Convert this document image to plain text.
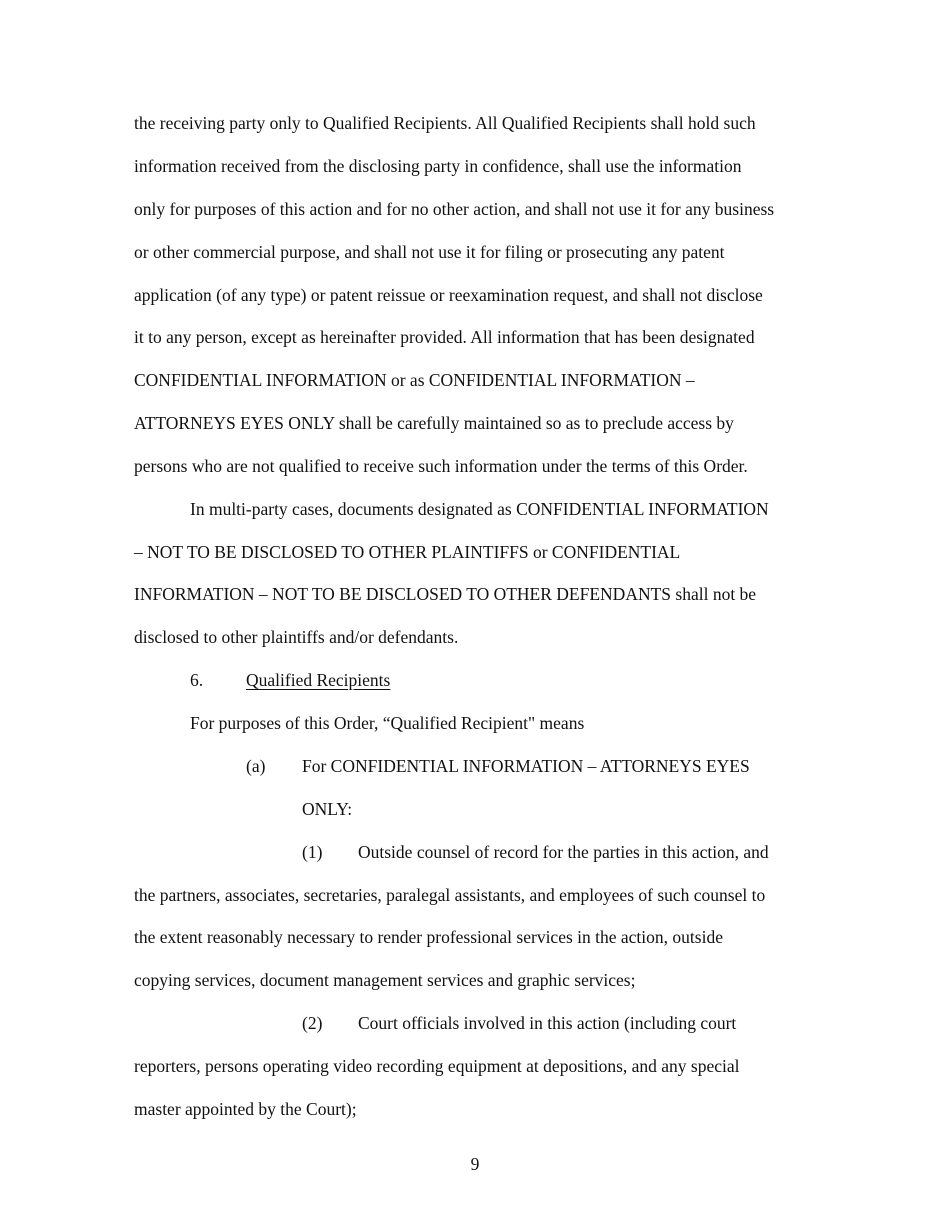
the receiving party only to Qualified Recipients. All Qualified Recipients shall hold such
information received from the disclosing party in confidence, shall use the information
only for purposes of this action and for no other action, and shall not use it for any business
or other commercial purpose, and shall not use it for filing or prosecuting any patent
application (of any type) or patent reissue or reexamination request, and shall not disclose
it to any person, except as hereinafter provided. All information that has been designated
CONFIDENTIAL INFORMATION or as CONFIDENTIAL INFORMATION –
ATTORNEYS EYES ONLY shall be carefully maintained so as to preclude access by
persons who are not qualified to receive such information under the terms of this Order.
In multi-party cases, documents designated as CONFIDENTIAL INFORMATION
– NOT TO BE DISCLOSED TO OTHER PLAINTIFFS or CONFIDENTIAL
INFORMATION – NOT TO BE DISCLOSED TO OTHER DEFENDANTS shall not be
disclosed to other plaintiffs and/or defendants.
6. Qualified Recipients
For purposes of this Order, “Qualified Recipient" means
(a) For CONFIDENTIAL INFORMATION – ATTORNEYS EYES
ONLY:
(1) Outside counsel of record for the parties in this action, and
the partners, associates, secretaries, paralegal assistants, and employees of such counsel to
the extent reasonably necessary to render professional services in the action, outside
copying services, document management services and graphic services;
(2) Court officials involved in this action (including court
reporters, persons operating video recording equipment at depositions, and any special
master appointed by the Court);
9
